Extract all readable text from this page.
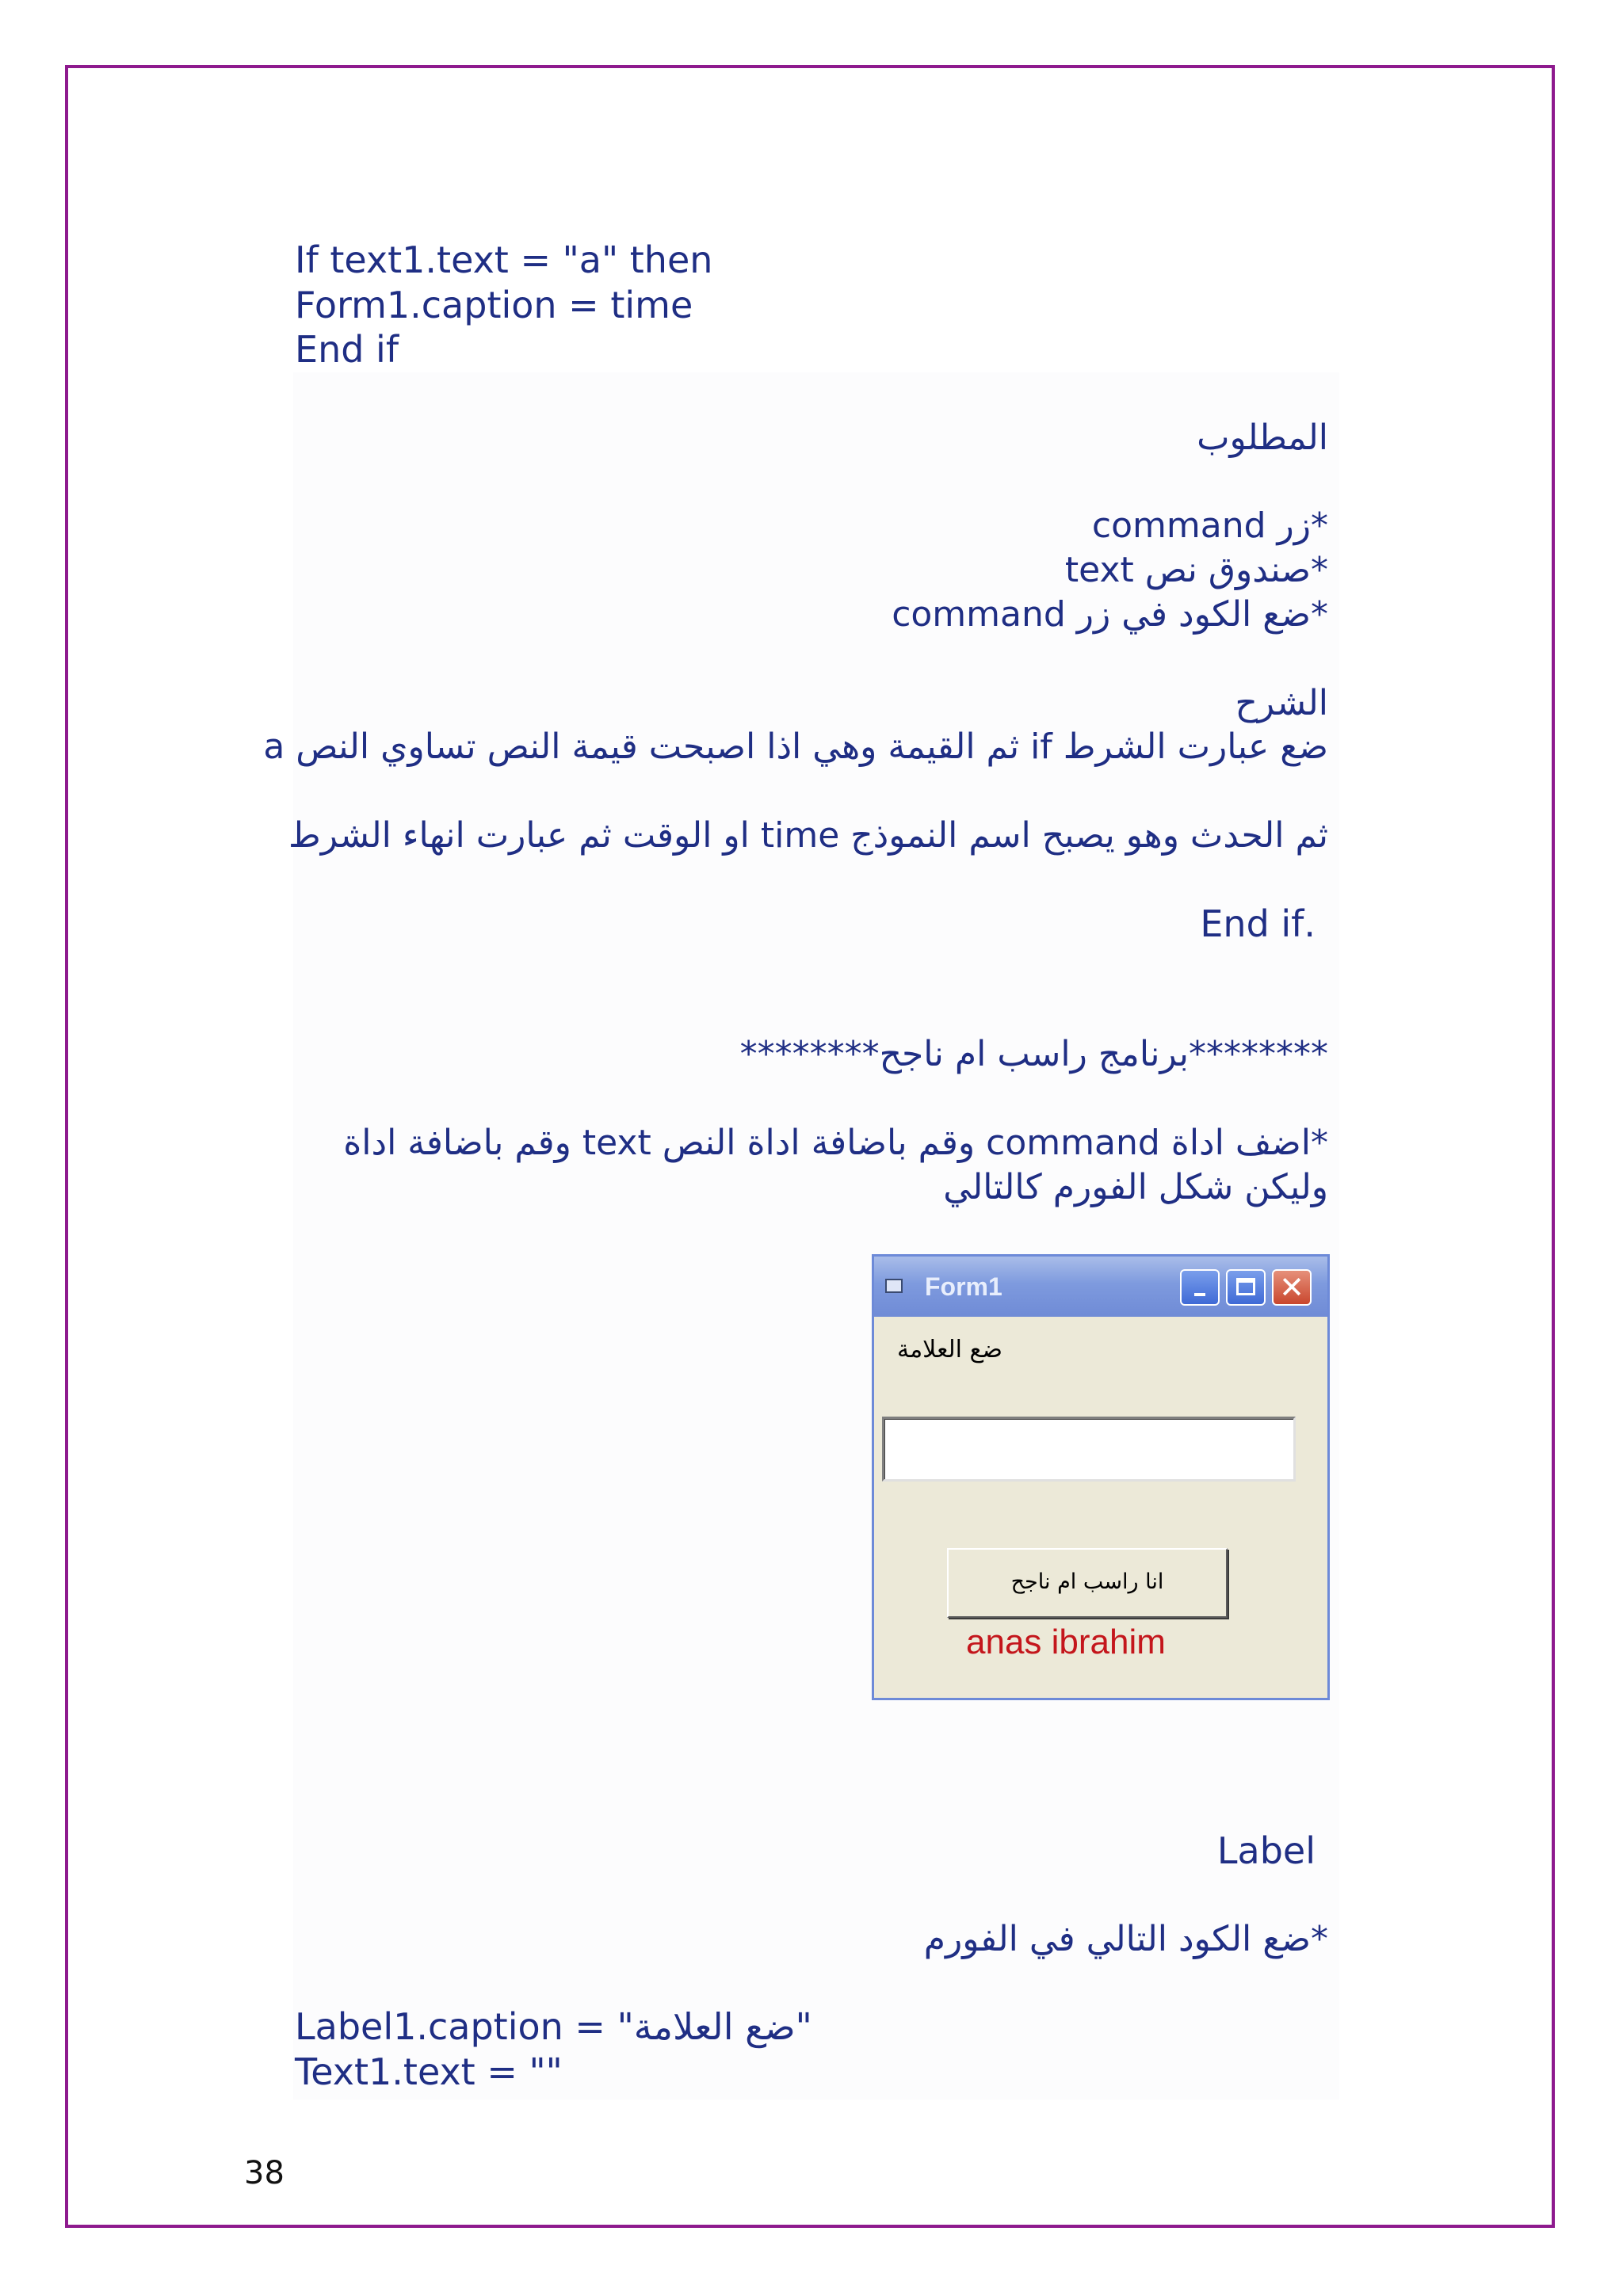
If text1.text = "a" then
Form1.caption = time
End if
المطلوب
*زر command
*صندوق نص text
*ضع الكود في زر command
الشرح
ضع عبارت الشرط if ثم القيمة وهي اذا اصبحت قيمة النص تساوي النص a
ثم الحدث وهو يصبح اسم النموذج time او الوقت ثم عبارت انهاء الشرط
.End if
********برنامج راسب ام ناجح********
*اضف اداة command وقم باضافة اداة النص text وقم باضافة اداة
وليكن شكل الفورم كالتالي
Form1	✕
ضع العلامة
انا راسب ام ناجح
anas ibrahim
Label
*ضع الكود التالي في الفورم
Label1.caption = "ضع العلامة"
Text1.text = ""
38
